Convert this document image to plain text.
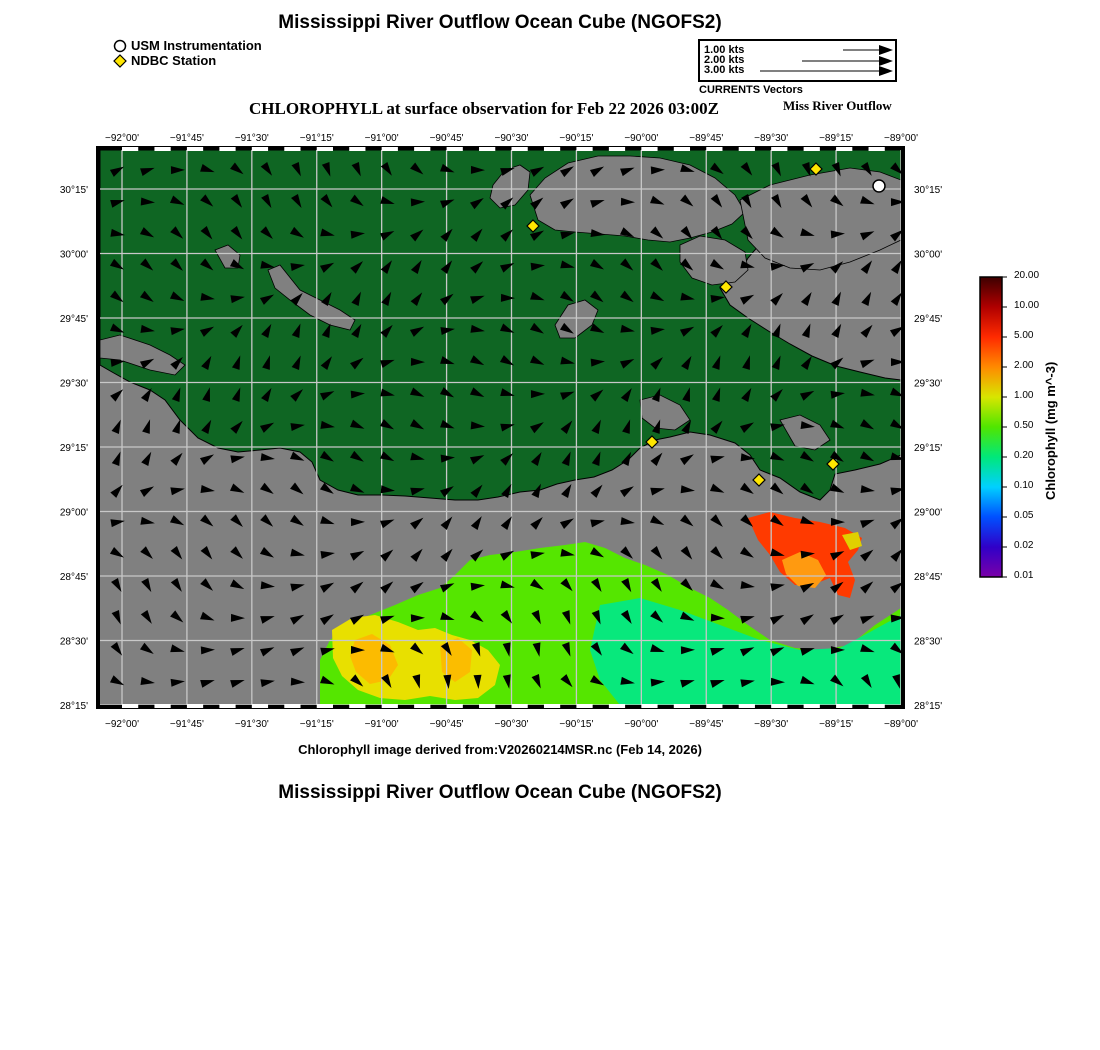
Mississippi River Outflow Ocean Cube (NGOFS2)
USM Instrumentation
NDBC Station
1.00 kts
2.00 kts
3.00 kts
CURRENTS Vectors
CHLOROPHYLL at surface observation for Feb 22 2026 03:00Z	Miss River Outflow
−92°00'
−92°00'
−91°45'
−91°45'
−91°30'
−91°30'
−91°15'
−91°15'
−91°00'
−91°00'
−90°45'
−90°45'
−90°30'
−90°30'
−90°15'
−90°15'
−90°00'
−90°00'
−89°45'
−89°45'
−89°30'
−89°30'
−89°15'
−89°15'
−89°00'
−89°00'
30°15'	30°15'
30°00'	30°00'
29°45'	29°45'
29°30'	29°30'
29°15'	29°15'
29°00'	29°00'
28°45'	28°45'
28°30'	28°30'
28°15'	28°15'
20.00
10.00
5.00
2.00
1.00
0.50
0.20
0.10
0.05
0.02
0.01
Chlorophyll (mg m^-3)
Chlorophyll image derived from:V20260214MSR.nc (Feb 14, 2026)
Mississippi River Outflow Ocean Cube (NGOFS2)
